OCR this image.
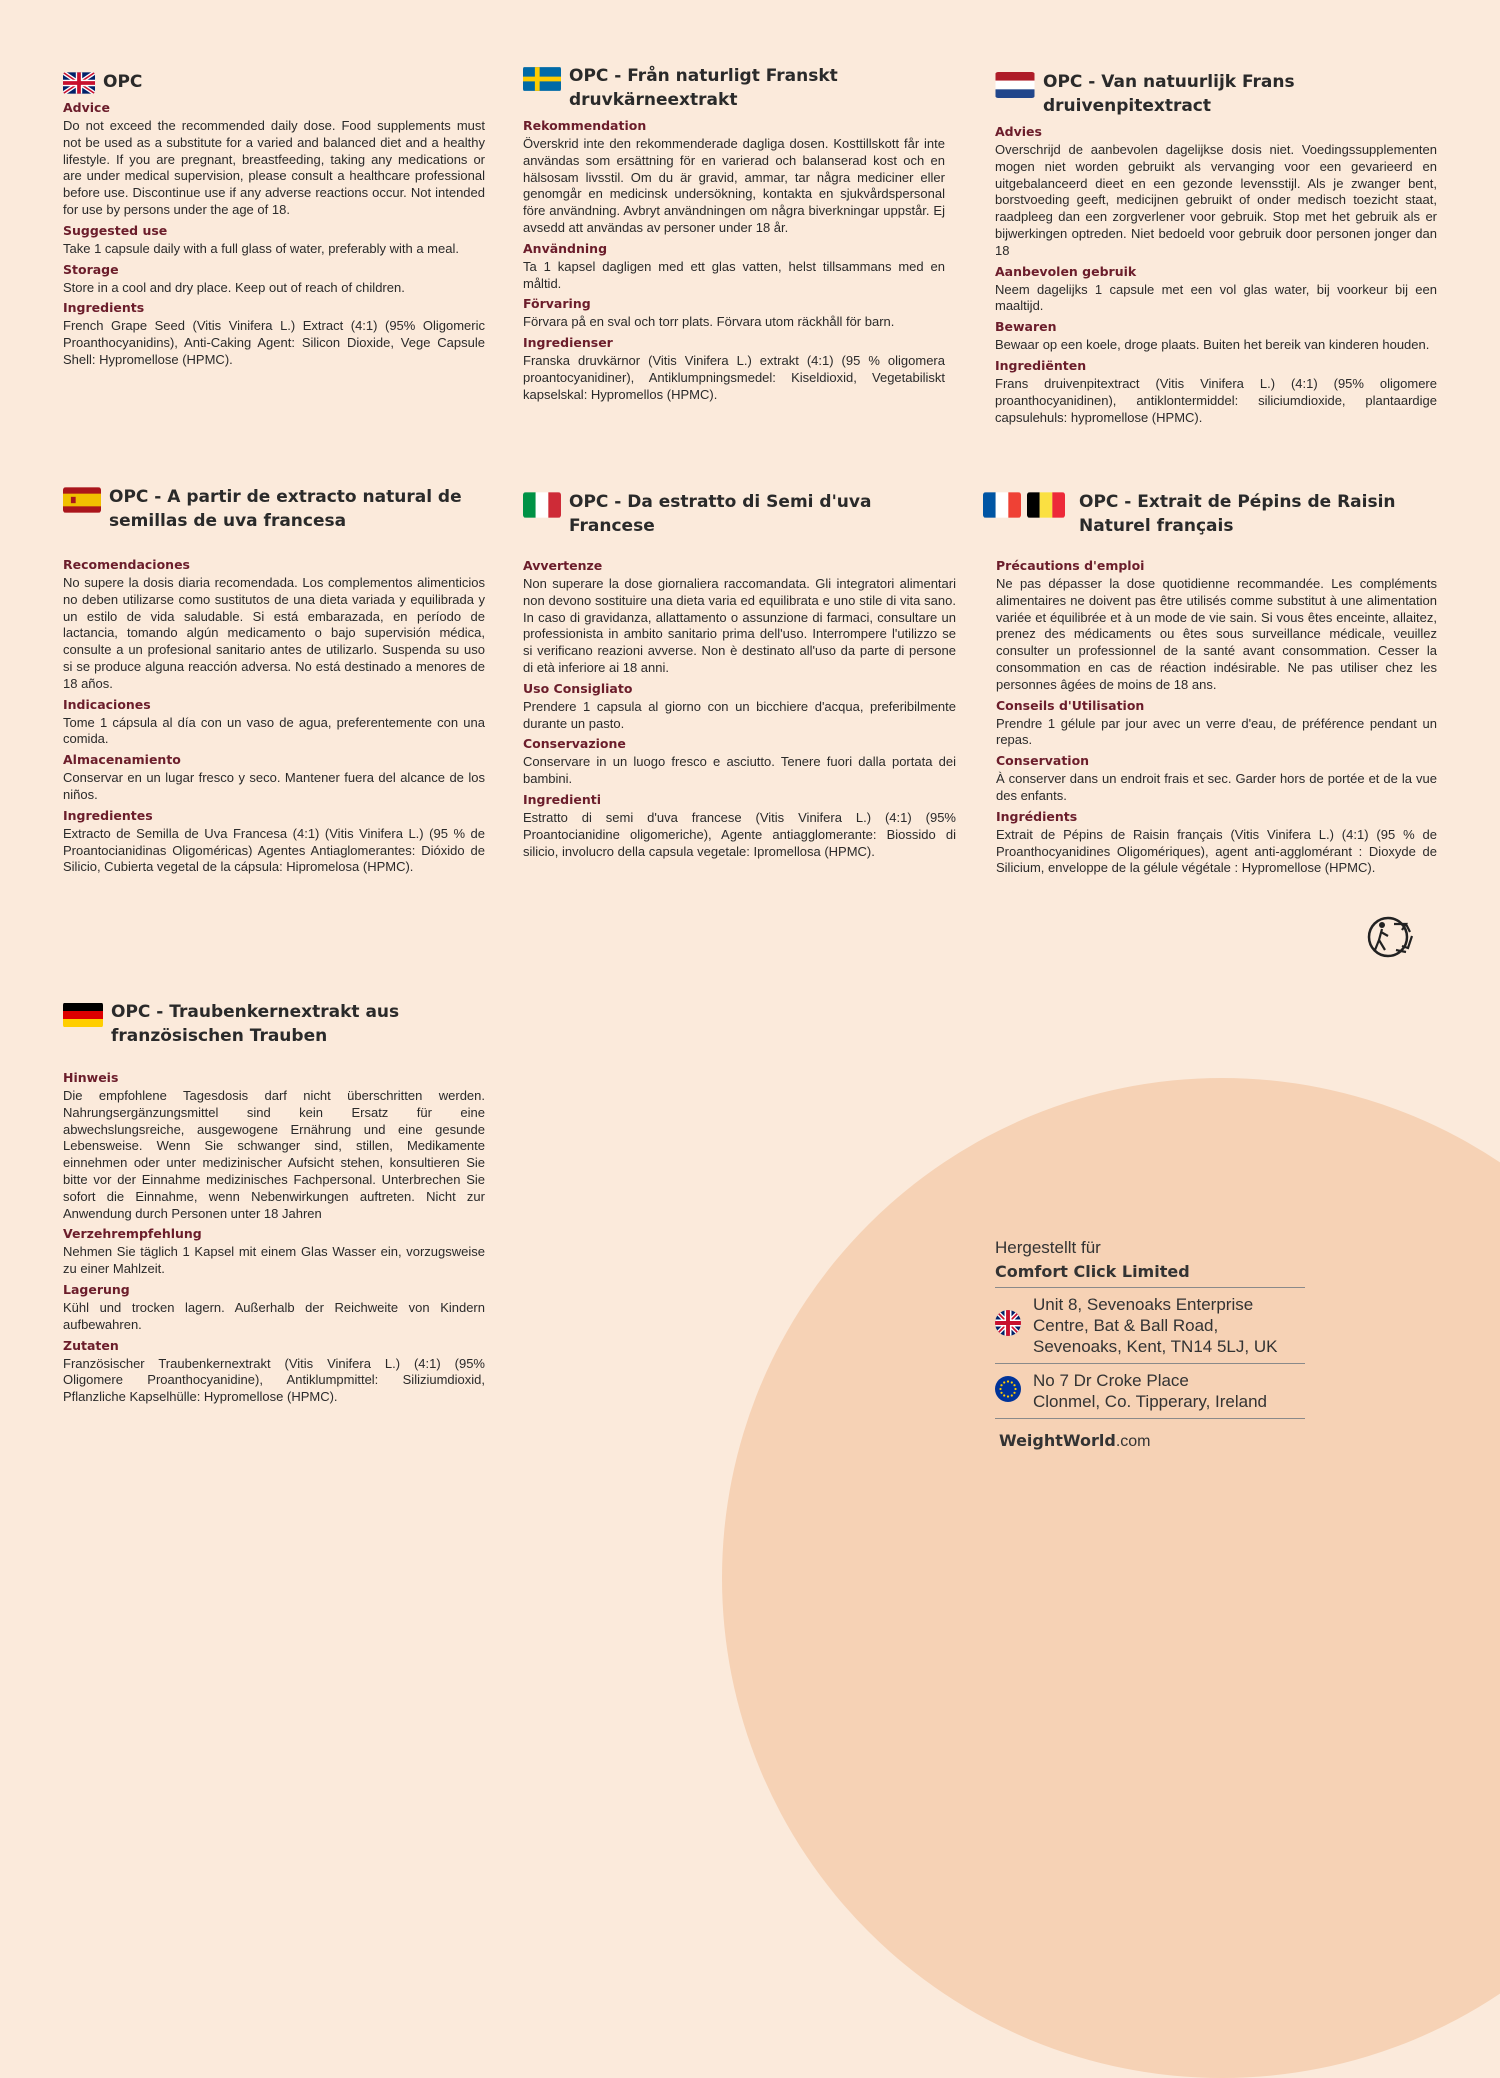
OPC
Advice

Do not exceed the recommended daily dose. Food supplements must not be used as a substitute for a varied and balanced diet and a healthy lifestyle. If you are pregnant, breastfeeding, taking any medications or are under medical supervision, please consult a healthcare professional before use. Discontinue use if any adverse reactions occur. Not intended for use by persons under the age of 18.

Suggested use

Take 1 capsule daily with a full glass of water, preferably with a meal.

Storage

Store in a cool and dry place. Keep out of reach of children.

Ingredients

French Grape Seed (Vitis Vinifera L.) Extract (4:1) (95% Oligomeric Proanthocyanidins), Anti-Caking Agent: Silicon Dioxide, Vege Capsule Shell: Hypromellose (HPMC).

OPC - Från naturligt Franskt druvkärneextrakt
Rekommendation

Överskrid inte den rekommenderade dagliga dosen. Kosttillskott får inte användas som ersättning för en varierad och balanserad kost och en hälsosam livsstil. Om du är gravid, ammar, tar några mediciner eller genomgår en medicinsk undersökning, kontakta en sjukvårdspersonal före användning. Avbryt användningen om några biverkningar uppstår. Ej avsedd att användas av personer under 18 år.

Användning

Ta 1 kapsel dagligen med ett glas vatten, helst tillsammans med en måltid.

Förvaring

Förvara på en sval och torr plats. Förvara utom räckhåll för barn.

Ingredienser

Franska druvkärnor (Vitis Vinifera L.) extrakt (4:1) (95 % oligomera proantocyanidiner), Antiklumpningsmedel: Kiseldioxid, Vegetabiliskt kapselskal: Hypromellos (HPMC).

OPC - Van natuurlijk Frans druivenpitextract
Advies

Overschrijd de aanbevolen dagelijkse dosis niet. Voedingssupplementen mogen niet worden gebruikt als vervanging voor een gevarieerd en uitgebalanceerd dieet en een gezonde levensstijl. Als je zwanger bent, borstvoeding geeft, medicijnen gebruikt of onder medisch toezicht staat, raadpleeg dan een zorgverlener voor gebruik. Stop met het gebruik als er bijwerkingen optreden. Niet bedoeld voor gebruik door personen jonger dan 18

Aanbevolen gebruik

Neem dagelijks 1 capsule met een vol glas water, bij voorkeur bij een maaltijd.

Bewaren

Bewaar op een koele, droge plaats. Buiten het bereik van kinderen houden.

Ingrediënten

Frans druivenpitextract (Vitis Vinifera L.) (4:1) (95% oligomere proanthocyanidinen), antiklontermiddel: siliciumdioxide, plantaardige capsulehuls: hypromellose (HPMC).

OPC - A partir de extracto natural de semillas de uva francesa
Recomendaciones

No supere la dosis diaria recomendada. Los complementos alimenticios no deben utilizarse como sustitutos de una dieta variada y equilibrada y un estilo de vida saludable. Si está embarazada, en período de lactancia, tomando algún medicamento o bajo supervisión médica, consulte a un profesional sanitario antes de utilizarlo. Suspenda su uso si se produce alguna reacción adversa. No está destinado a menores de 18 años.

Indicaciones

Tome 1 cápsula al día con un vaso de agua, preferentemente con una comida.

Almacenamiento

Conservar en un lugar fresco y seco. Mantener fuera del alcance de los niños.

Ingredientes

Extracto de Semilla de Uva Francesa (4:1) (Vitis Vinifera L.) (95 % de Proantocianidinas Oligoméricas) Agentes Antiaglomerantes: Dióxido de Silicio, Cubierta vegetal de la cápsula: Hipromelosa (HPMC).

OPC - Da estratto di Semi d'uva Francese
Avvertenze

Non superare la dose giornaliera raccomandata. Gli integratori alimentari non devono sostituire una dieta varia ed equilibrata e uno stile di vita sano. In caso di gravidanza, allattamento o assunzione di farmaci, consultare un professionista in ambito sanitario prima dell'uso. Interrompere l'utilizzo se si verificano reazioni avverse. Non è destinato all'uso da parte di persone di età inferiore ai 18 anni.

Uso Consigliato

Prendere 1 capsula al giorno con un bicchiere d'acqua, preferibilmente durante un pasto.

Conservazione

Conservare in un luogo fresco e asciutto. Tenere fuori dalla portata dei bambini.

Ingredienti

Estratto di semi d'uva francese (Vitis Vinifera L.) (4:1) (95% Proantocianidine oligomeriche), Agente antiagglomerante: Biossido di silicio, involucro della capsula vegetale: Ipromellosa (HPMC).

OPC - Extrait de Pépins de Raisin Naturel français
Précautions d'emploi

Ne pas dépasser la dose quotidienne recommandée. Les compléments alimentaires ne doivent pas être utilisés comme substitut à une alimentation variée et équilibrée et à un mode de vie sain. Si vous êtes enceinte, allaitez, prenez des médicaments ou êtes sous surveillance médicale, veuillez consulter un professionnel de la santé avant consommation. Cesser la consommation en cas de réaction indésirable. Ne pas utiliser chez les personnes âgées de moins de 18 ans.

Conseils d'Utilisation

Prendre 1 gélule par jour avec un verre d'eau, de préférence pendant un repas.

Conservation

À conserver dans un endroit frais et sec. Garder hors de portée et de la vue des enfants.

Ingrédients

Extrait de Pépins de Raisin français (Vitis Vinifera L.) (4:1) (95 % de Proanthocyanidines Oligomériques), agent anti-agglomérant : Dioxyde de Silicium, enveloppe de la gélule végétale : Hypromellose (HPMC).

OPC - Traubenkernextrakt aus französischen Trauben
Hinweis

Die empfohlene Tagesdosis darf nicht überschritten werden. Nahrungsergänzungsmittel sind kein Ersatz für eine abwechslungsreiche, ausgewogene Ernährung und eine gesunde Lebensweise. Wenn Sie schwanger sind, stillen, Medikamente einnehmen oder unter medizinischer Aufsicht stehen, konsultieren Sie bitte vor der Einnahme medizinisches Fachpersonal. Unterbrechen Sie sofort die Einnahme, wenn Nebenwirkungen auftreten. Nicht zur Anwendung durch Personen unter 18 Jahren

Verzehrempfehlung

Nehmen Sie täglich 1 Kapsel mit einem Glas Wasser ein, vorzugsweise zu einer Mahlzeit.

Lagerung

Kühl und trocken lagern. Außerhalb der Reichweite von Kindern aufbewahren.

Zutaten

Französischer Traubenkernextrakt (Vitis Vinifera L.) (4:1) (95% Oligomere Proanthocyanidine), Antiklumpmittel: Siliziumdioxid, Pflanzliche Kapselhülle: Hypromellose (HPMC).

Hergestellt für

Comfort Click Limited

Unit 8, Sevenoaks Enterprise
Centre, Bat & Ball Road,
Sevenoaks, Kent, TN14 5LJ, UK

No 7 Dr Croke Place
Clonmel, Co. Tipperary, Ireland

WeightWorld.com
